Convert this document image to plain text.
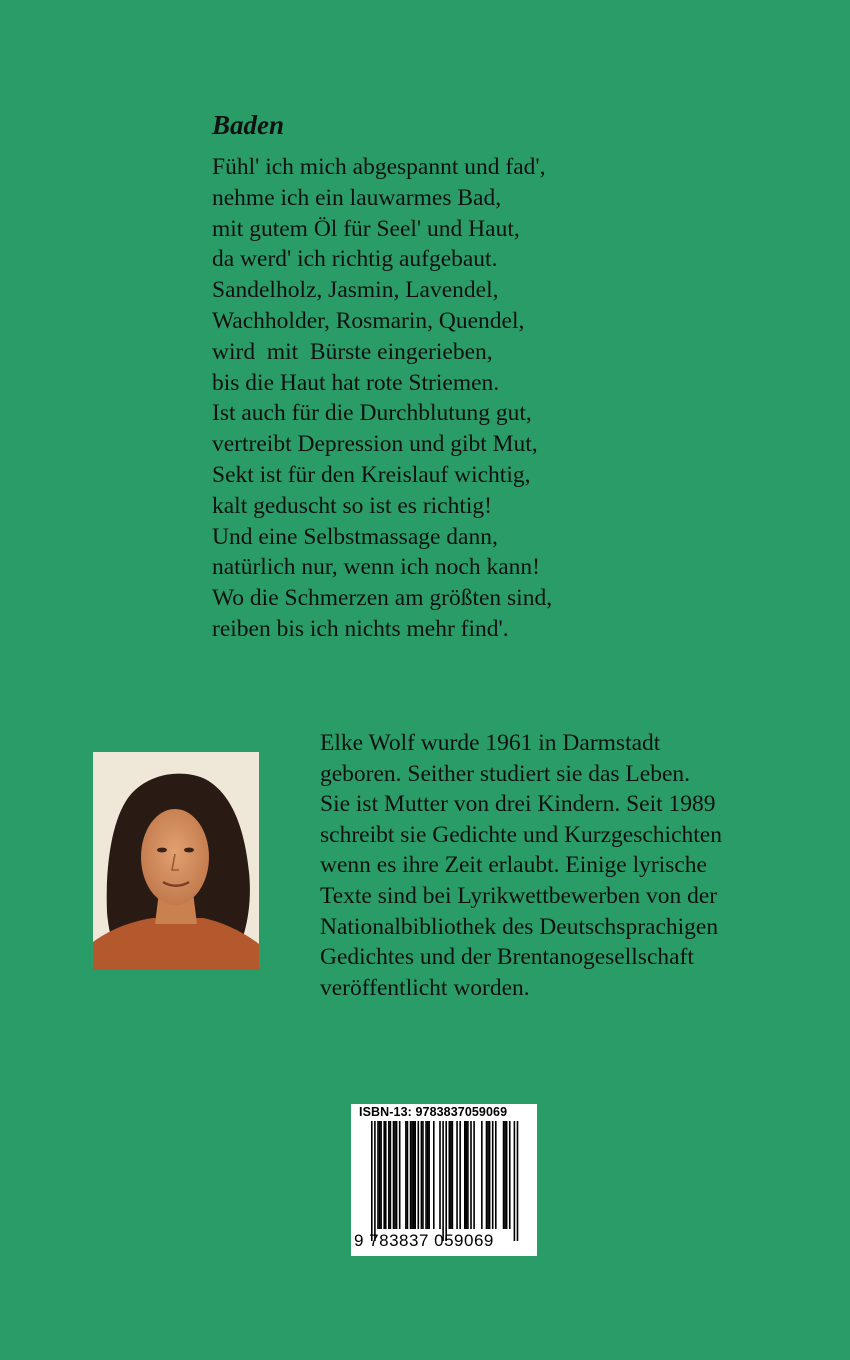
Baden
Fühl' ich mich abgespannt und fad',
nehme ich ein lauwarmes Bad,
mit gutem Öl für Seel' und Haut,
da werd' ich richtig aufgebaut.
Sandelholz, Jasmin, Lavendel,
Wachholder, Rosmarin, Quendel,
wird  mit  Bürste eingerieben,
bis die Haut hat rote Striemen.
Ist auch für die Durchblutung gut,
vertreibt Depression und gibt Mut,
Sekt ist für den Kreislauf wichtig,
kalt geduscht so ist es richtig!
Und eine Selbstmassage dann,
natürlich nur, wenn ich noch kann!
Wo die Schmerzen am größten sind,
reiben bis ich nichts mehr find'.
Elke Wolf wurde 1961 in Darmstadt
geboren. Seither studiert sie das Leben.
Sie ist Mutter von drei Kindern. Seit 1989
schreibt sie Gedichte und Kurzgeschichten
wenn es ihre Zeit erlaubt. Einige lyrische
Texte sind bei Lyrikwettbewerben von der
Nationalbibliothek des Deutschsprachigen
Gedichtes und der Brentanogesellschaft
veröffentlicht worden.
ISBN-13: 9783837059069
9 783837 059069
